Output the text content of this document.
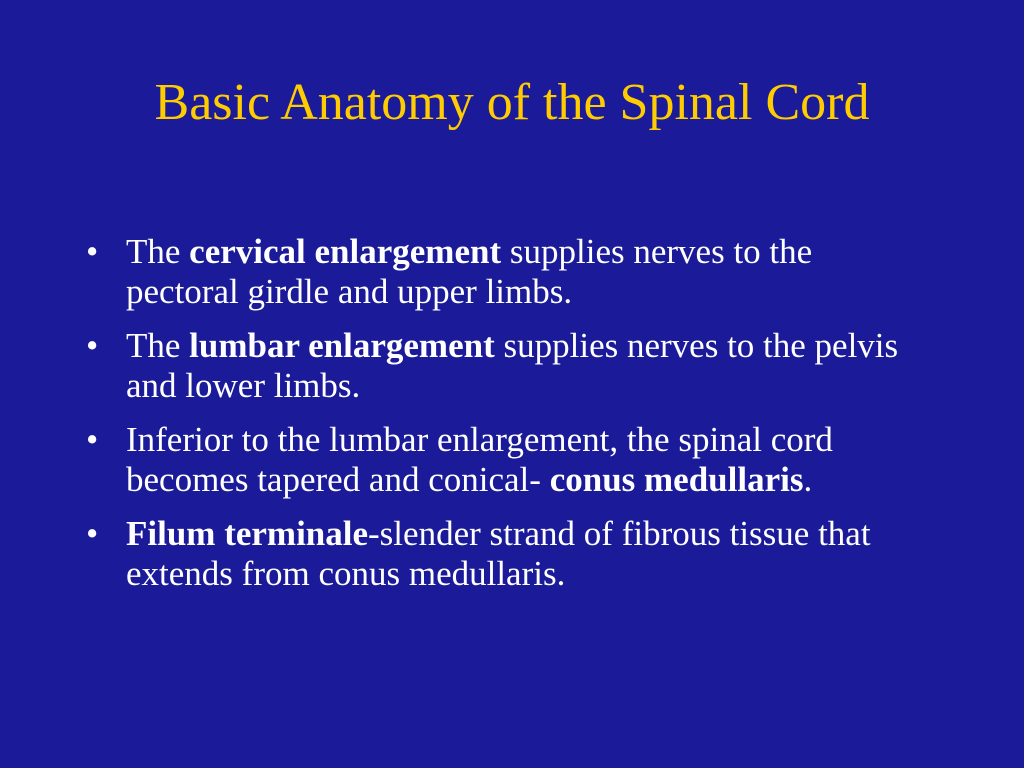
Basic Anatomy of the Spinal Cord
• The cervical enlargement supplies nerves to the pectoral girdle and upper limbs.
• The lumbar enlargement supplies nerves to the pelvis and lower limbs.
• Inferior to the lumbar enlargement, the spinal cord becomes tapered and conical- conus medullaris.
• Filum terminale-slender strand of fibrous tissue that extends from conus medullaris.
